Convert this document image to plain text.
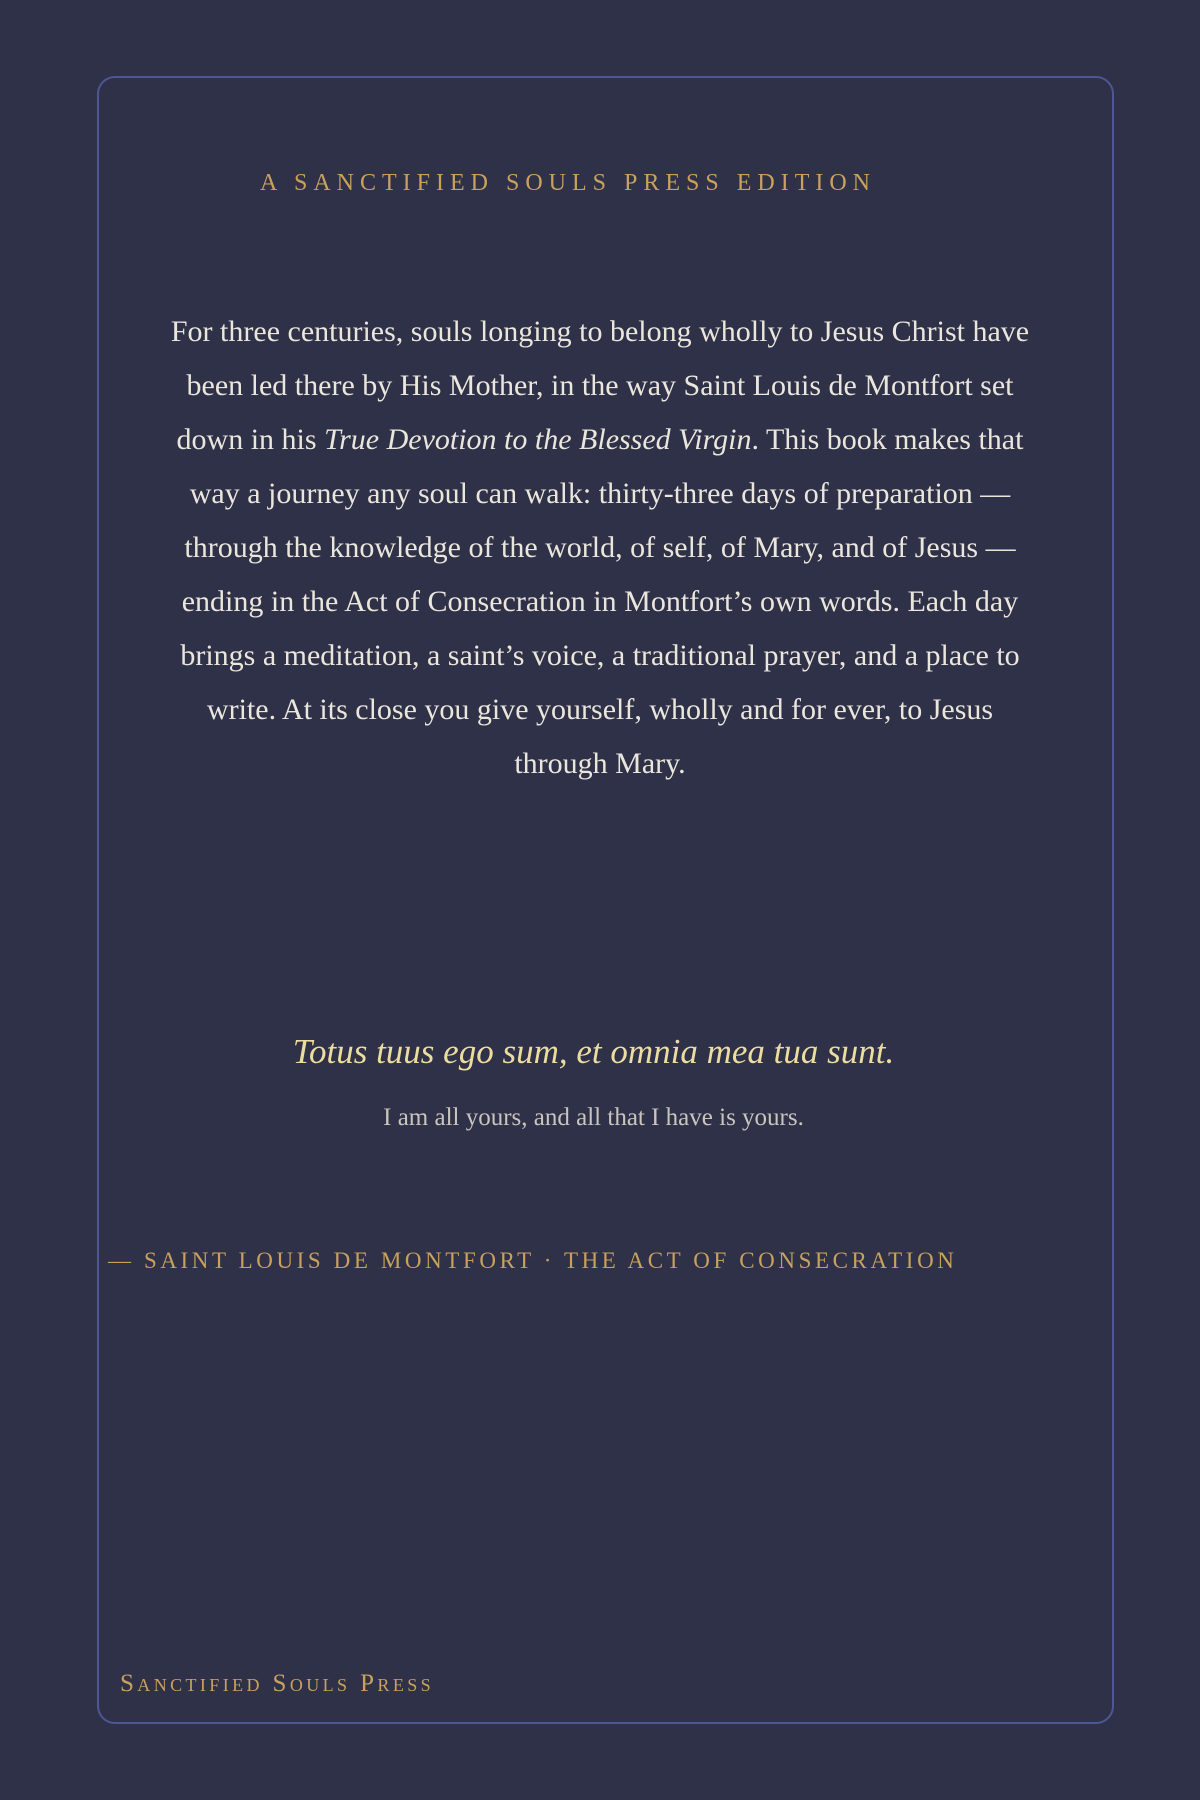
A SANCTIFIED SOULS PRESS EDITION
For three centuries, souls longing to belong wholly to Jesus Christ have been led there by His Mother, in the way Saint Louis de Montfort set down in his True Devotion to the Blessed Virgin. This book makes that way a journey any soul can walk: thirty-three days of preparation — through the knowledge of the world, of self, of Mary, and of Jesus — ending in the Act of Consecration in Montfort’s own words. Each day brings a meditation, a saint’s voice, a traditional prayer, and a place to write. At its close you give yourself, wholly and for ever, to Jesus through Mary.
Totus tuus ego sum, et omnia mea tua sunt.
I am all yours, and all that I have is yours.
— SAINT LOUIS DE MONTFORT · THE ACT OF CONSECRATION
Sanctified Souls Press
